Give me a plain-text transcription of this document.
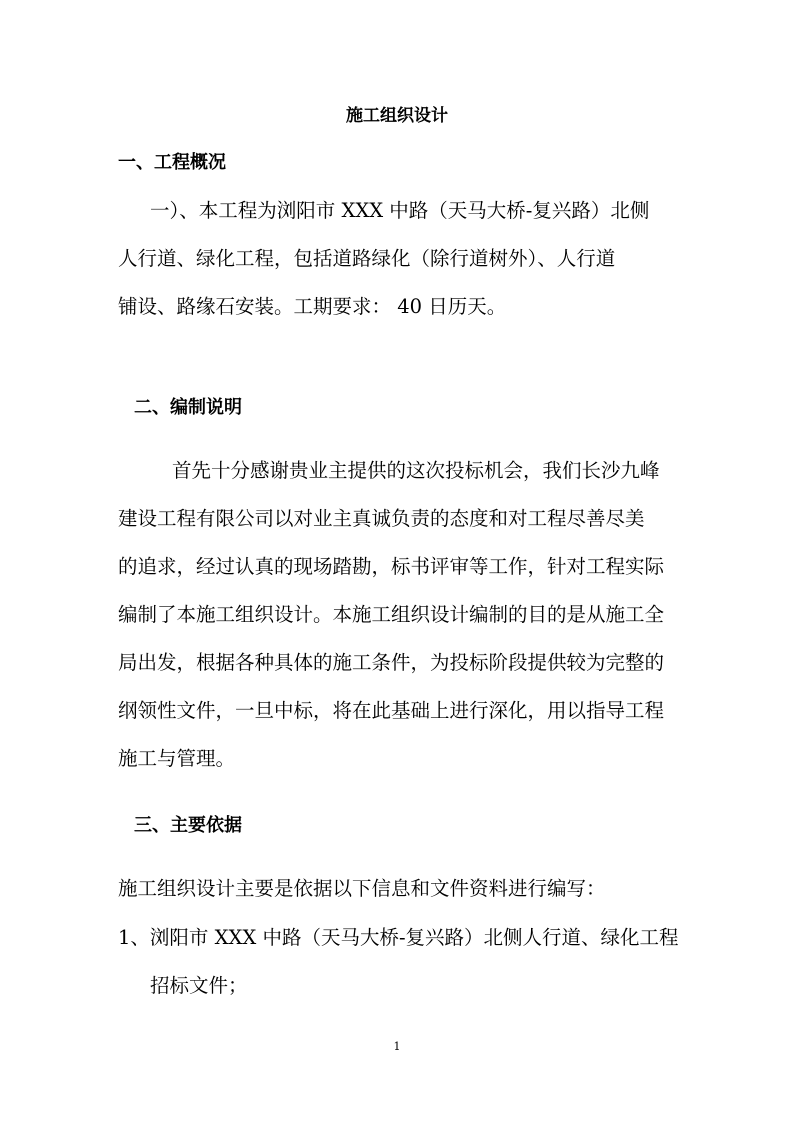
施工组织设计
一、工程概况
一）、本工程为浏阳市 XXX 中路（天马大桥-复兴路）北侧
人行道、绿化工程，包括道路绿化（除行道树外）、人行道
铺设、路缘石安装。工期要求： 40 日历天。
二、编制说明
首先十分感谢贵业主提供的这次投标机会，我们长沙九峰
建设工程有限公司以对业主真诚负责的态度和对工程尽善尽美
的追求，经过认真的现场踏勘，标书评审等工作，针对工程实际
编制了本施工组织设计。本施工组织设计编制的目的是从施工全
局出发，根据各种具体的施工条件，为投标阶段提供较为完整的
纲领性文件，一旦中标，将在此基础上进行深化，用以指导工程
施工与管理。
三、主要依据
施工组织设计主要是依据以下信息和文件资料进行编写：
1、浏阳市 XXX 中路（天马大桥-复兴路）北侧人行道、绿化工程
招标文件；
1
